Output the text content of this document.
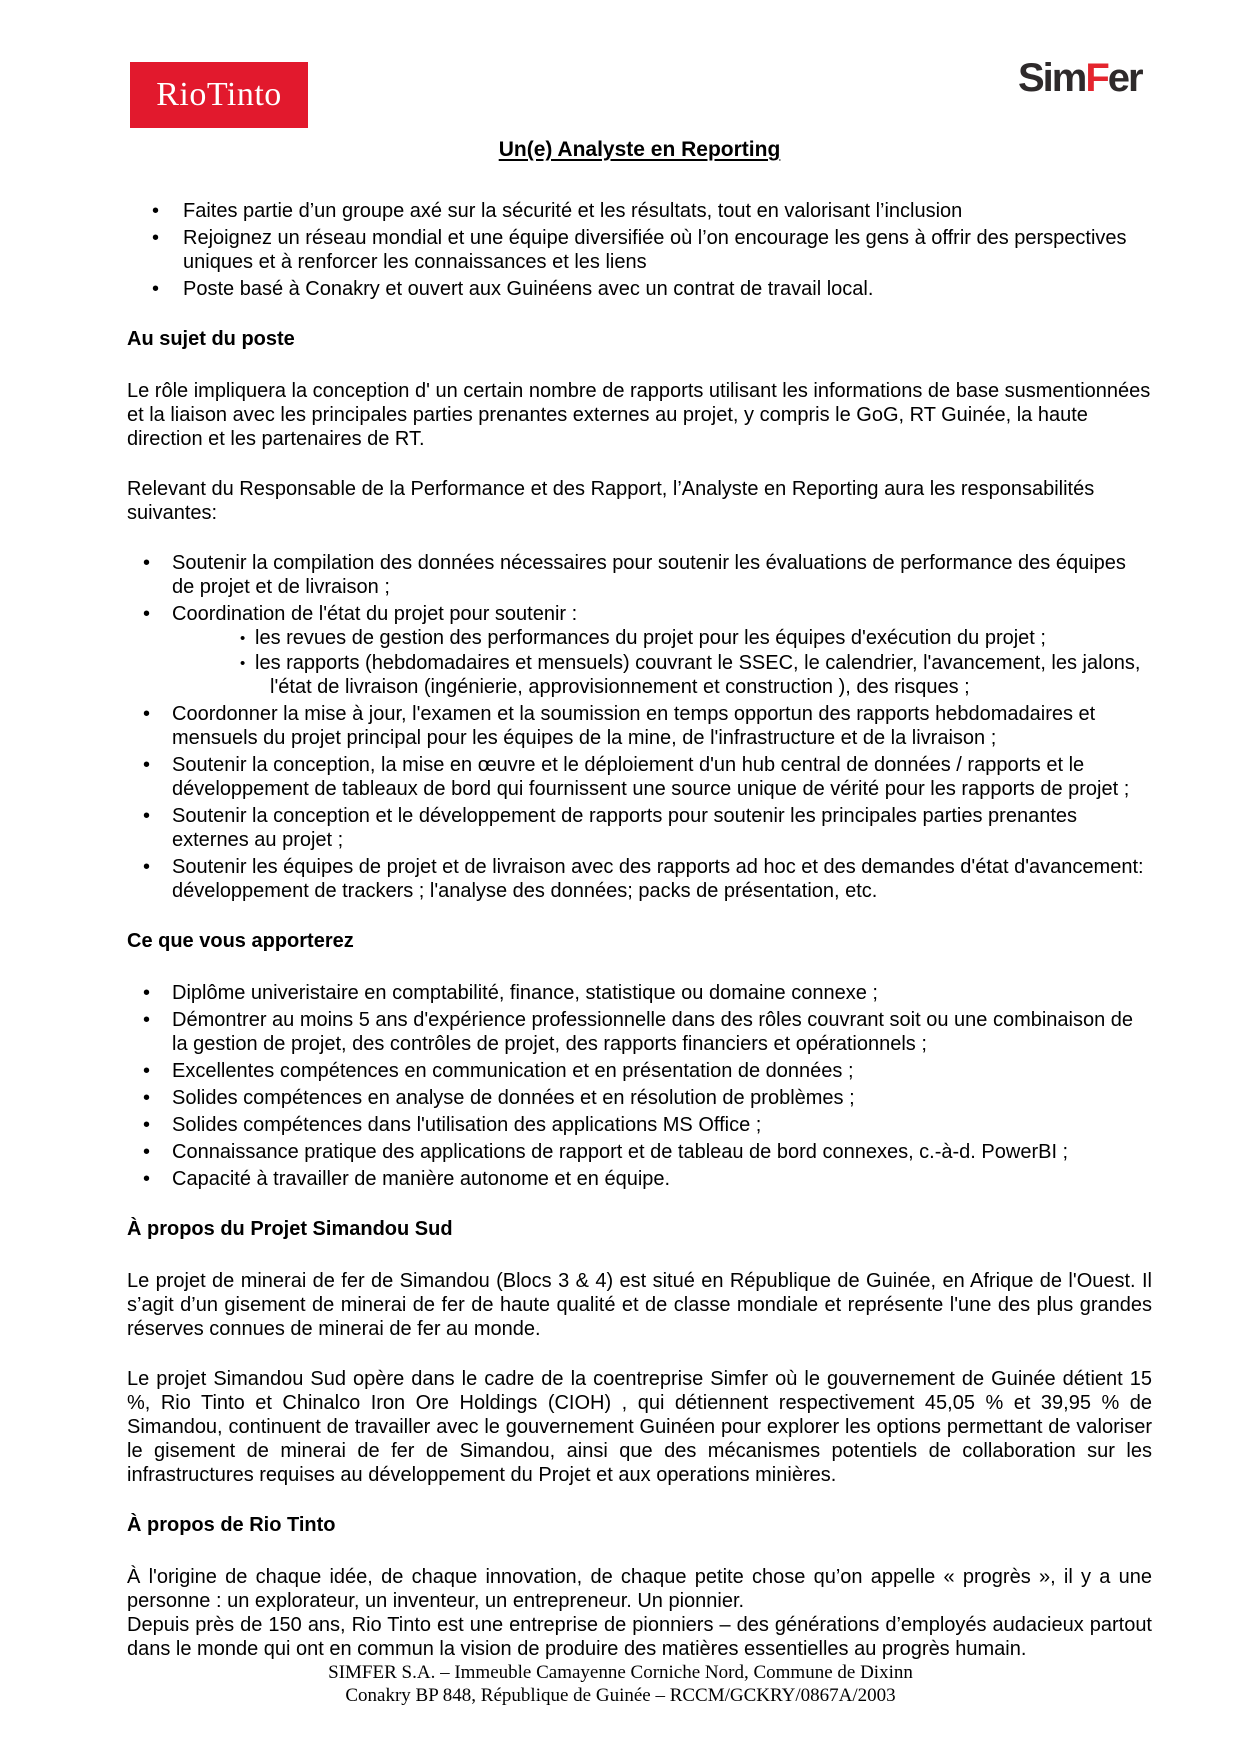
RioTinto	SimFer
Un(e) Analyste en Reporting
• Faites partie d’un groupe axé sur la sécurité et les résultats, tout en valorisant l’inclusion
• Rejoignez un réseau mondial et une équipe diversifiée où l’on encourage les gens à offrir des perspectives uniques et à renforcer les connaissances et les liens
• Poste basé à Conakry et ouvert aux Guinéens avec un contrat de travail local.
Au sujet du poste

Le rôle impliquera la conception d' un certain nombre de rapports utilisant les informations de base susmentionnées et la liaison avec les principales parties prenantes externes au projet, y compris le GoG, RT Guinée, la haute direction et les partenaires de RT.

Relevant du Responsable de la Performance et des Rapport, l’Analyste en Reporting aura les responsabilités suivantes:

• Soutenir la compilation des données nécessaires pour soutenir les évaluations de performance des équipes de projet et de livraison ;
• Coordination de l'état du projet pour soutenir :
• les revues de gestion des performances du projet pour les équipes d'exécution du projet ;
• les rapports (hebdomadaires et mensuels) couvrant le SSEC, le calendrier, l'avancement, les jalons, l'état de livraison (ingénierie, approvisionnement et construction ), des risques ;
• Coordonner la mise à jour, l'examen et la soumission en temps opportun des rapports hebdomadaires et mensuels du projet principal pour les équipes de la mine, de l'infrastructure et de la livraison ;
• Soutenir la conception, la mise en œuvre et le déploiement d'un hub central de données / rapports et le développement de tableaux de bord qui fournissent une source unique de vérité pour les rapports de projet ;
• Soutenir la conception et le développement de rapports pour soutenir les principales parties prenantes externes au projet ;
• Soutenir les équipes de projet et de livraison avec des rapports ad hoc et des demandes d'état d'avancement: développement de trackers ; l'analyse des données; packs de présentation, etc.
Ce que vous apporterez
• Diplôme univeristaire en comptabilité, finance, statistique ou domaine connexe ;
• Démontrer au moins 5 ans d'expérience professionnelle dans des rôles couvrant soit ou une combinaison de la gestion de projet, des contrôles de projet, des rapports financiers et opérationnels ;
• Excellentes compétences en communication et en présentation de données ;
• Solides compétences en analyse de données et en résolution de problèmes ;
• Solides compétences dans l'utilisation des applications MS Office ;
• Connaissance pratique des applications de rapport et de tableau de bord connexes, c.-à-d. PowerBI ;
• Capacité à travailler de manière autonome et en équipe.
À propos du Projet Simandou Sud

Le projet de minerai de fer de Simandou (Blocs 3 & 4) est situé en République de Guinée, en Afrique de l'Ouest. Il s’agit d’un gisement de minerai de fer de haute qualité et de classe mondiale et représente l'une des plus grandes réserves connues de minerai de fer au monde.

Le projet Simandou Sud opère dans le cadre de la coentreprise Simfer où le gouvernement de Guinée détient 15 %, Rio Tinto et Chinalco Iron Ore Holdings (CIOH) , qui détiennent respectivement 45,05 % et 39,95 % de Simandou, continuent de travailler avec le gouvernement Guinéen pour explorer les options permettant de valoriser le gisement de minerai de fer de Simandou, ainsi que des mécanismes potentiels de collaboration sur les infrastructures requises au développement du Projet et aux operations minières.

À propos de Rio Tinto

À l'origine de chaque idée, de chaque innovation, de chaque petite chose qu’on appelle « progrès », il y a une personne : un explorateur, un inventeur, un entrepreneur. Un pionnier.

Depuis près de 150 ans, Rio Tinto est une entreprise de pionniers – des générations d’employés audacieux partout dans le monde qui ont en commun la vision de produire des matières essentielles au progrès humain.

SIMFER S.A. – Immeuble Camayenne Corniche Nord, Commune de Dixinn
Conakry BP 848, République de Guinée – RCCM/GCKRY/0867A/2003
